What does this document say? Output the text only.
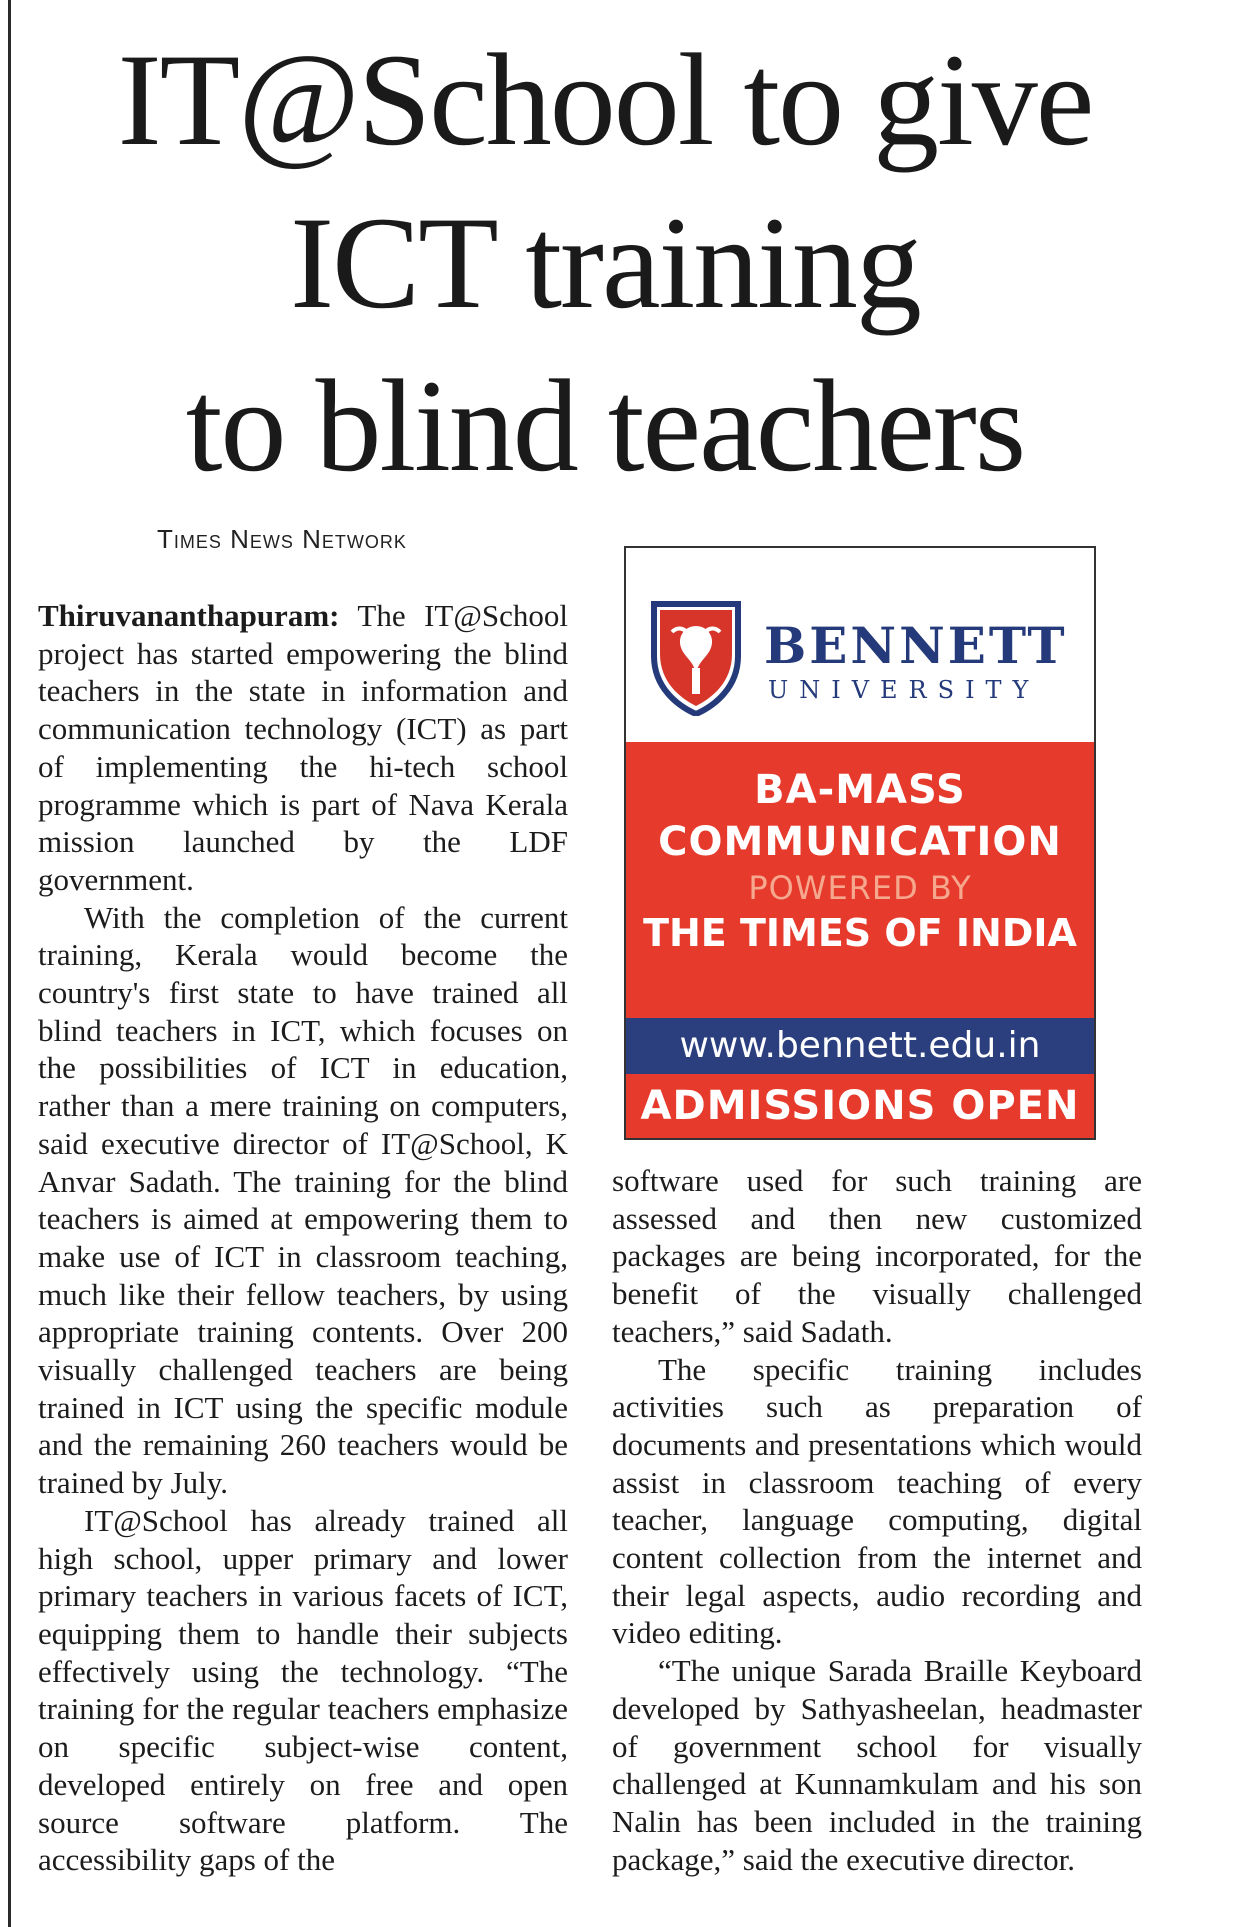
IT@School to give
ICT training
to blind teachers
Times News Network

Thiruvananthapuram: The IT@School project has started empowering the blind teachers in the state in information and communication technology (ICT) as part of implementing the hi-tech school programme which is part of Nava Kerala mission launched by the LDF government.

With the completion of the current training, Kerala would become the country's first state to have trained all blind teachers in ICT, which focuses on the possibilities of ICT in education, rather than a mere training on computers, said executive director of IT@School, K Anvar Sadath. The training for the blind teachers is aimed at empowering them to make use of ICT in classroom teaching, much like their fellow teachers, by using appropriate training contents. Over 200 visually challenged teachers are being trained in ICT using the specific module and the remaining 260 teachers would be trained by July.

IT@School has already trained all high school, upper primary and lower primary teachers in various facets of ICT, equipping them to handle their subjects effectively using the technology. “The training for the regular teachers emphasize on specific subject-wise content, developed entirely on free and open source software platform. The accessibility gaps of the

BENNETT
UNIVERSITY
BA-MASS
COMMUNICATION
POWERED BY
THE TIMES OF INDIA
www.bennett.edu.in
ADMISSIONS OPEN

software used for such training are assessed and then new customized packages are being incorporated, for the benefit of the visually challenged teachers,” said Sadath.

The specific training includes activities such as preparation of documents and presentations which would assist in classroom teaching of every teacher, language computing, digital content collection from the internet and their legal aspects, audio recording and video editing.

“The unique Sarada Braille Keyboard developed by Sathyasheelan, headmaster of government school for visually challenged at Kunnamkulam and his son Nalin has been included in the training package,” said the executive director.
